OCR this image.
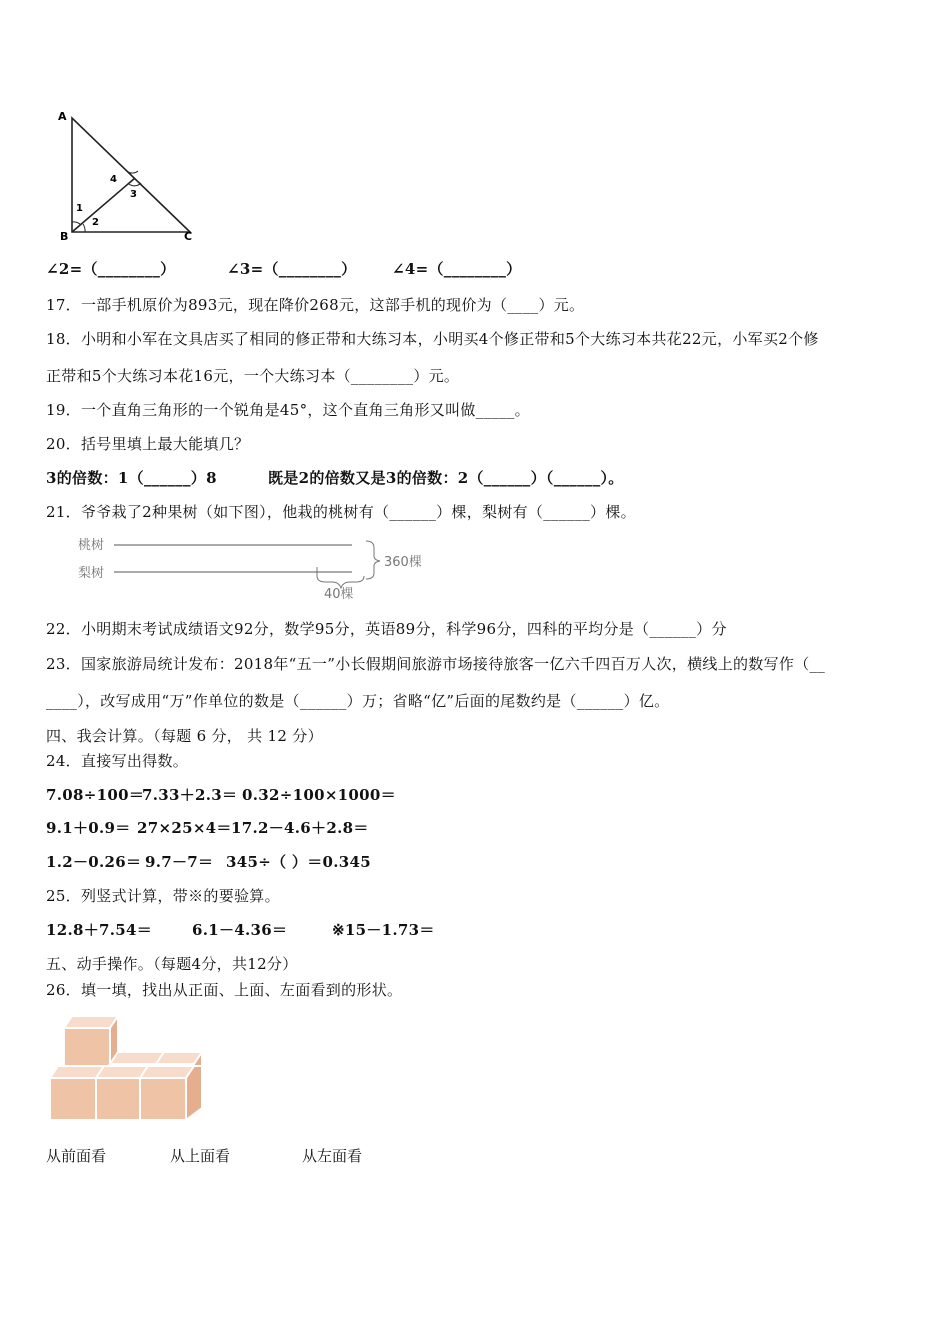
A
B	C
1
2
3
4
∠2=（________）	∠3=（________） ∠4=（________）
17．一部手机原价为893元，现在降价268元，这部手机的现价为（____）元。
18．小明和小军在文具店买了相同的修正带和大练习本，小明买4个修正带和5个大练习本共花22元，小军买2个修
正带和5个大练习本花16元，一个大练习本（________）元。
19．一个直角三角形的一个锐角是45°，这个直角三角形又叫做_____。
20．括号里填上最大能填几？
3的倍数：1（______）8	既是2的倍数又是3的倍数：2（______）（______）。
21．爷爷栽了2种果树（如下图），他栽的桃树有（______）棵，梨树有（______）棵。
桃树
梨树
360棵
40棵
22．小明期末考试成绩语文92分，数学95分，英语89分，科学96分，四科的平均分是（______）分
23．国家旅游局统计发布：2018年“五一”小长假期间旅游市场接待旅客一亿六千四百万人次，横线上的数写作（__
____），改写成用“万”作单位的数是（______）万；省略“亿”后面的尾数约是（______）亿。
四、我会计算。（每题 6 分， 共 12 分）
24．直接写出得数。
7.08÷100＝
7.33＋2.3＝ 0.32÷100×1000＝
9.1＋0.9＝ 27×25×4＝ 17.2－4.6＋2.8＝
1.2－0.26＝ 9.7－7＝ 345÷（ ）＝0.345
25．列竖式计算，带※的要验算。
12.8＋7.54＝	6.1－4.36＝	※15－1.73＝
五、动手操作。（每题4分，共12分）
26．填一填，找出从正面、上面、左面看到的形状。
从前面看	从上面看	从左面看
